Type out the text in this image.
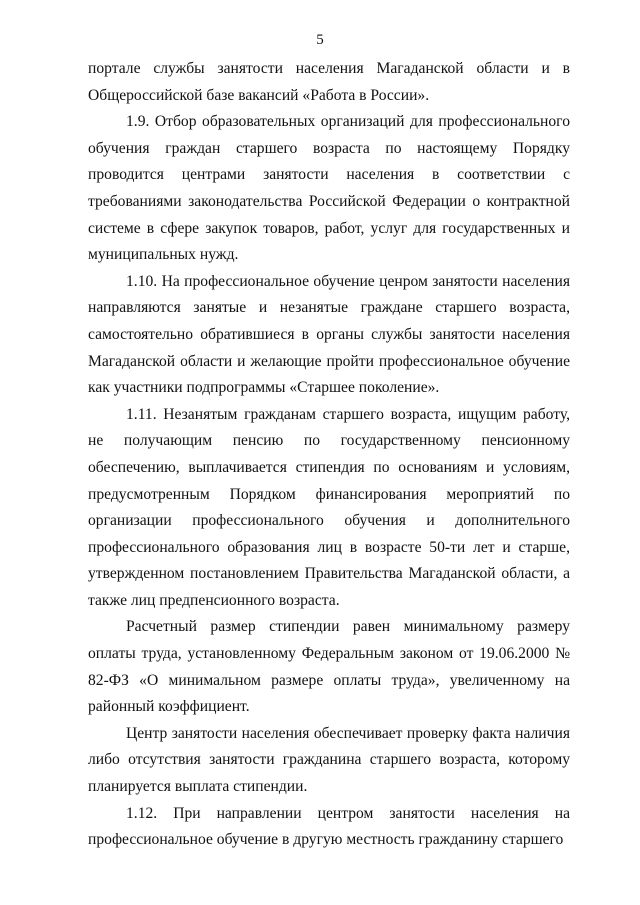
5

портале службы занятости населения Магаданской области и в Общероссийской базе вакансий «Работа в России».

1.9. Отбор образовательных организаций для профессионального обучения граждан старшего возраста по настоящему Порядку проводится центрами занятости населения в соответствии с требованиями законодательства Российской Федерации о контрактной системе в сфере закупок товаров, работ, услуг для государственных и муниципальных нужд.

1.10. На профессиональное обучение ценром занятости населения направляются занятые и незанятые граждане старшего возраста, самостоятельно обратившиеся в органы службы занятости населения Магаданской области и желающие пройти профессиональное обучение как участники подпрограммы «Старшее поколение».

1.11. Незанятым гражданам старшего возраста, ищущим работу, не получающим пенсию по государственному пенсионному обеспечению, выплачивается стипендия по основаниям и условиям, предусмотренным Порядком финансирования мероприятий по организации профессионального обучения и дополнительного профессионального образования лиц в возрасте 50-ти лет и старше, утвержденном постановлением Правительства Магаданской области, а также лиц предпенсионного возраста.

Расчетный размер стипендии равен минимальному размеру оплаты труда, установленному Федеральным законом от 19.06.2000 № 82-ФЗ «О минимальном размере оплаты труда», увеличенному на районный коэффициент.

Центр занятости населения обеспечивает проверку факта наличия либо отсутствия занятости гражданина старшего возраста, которому планируется выплата стипендии.

1.12. При направлении центром занятости населения на профессиональное обучение в другую местность гражданину старшего
